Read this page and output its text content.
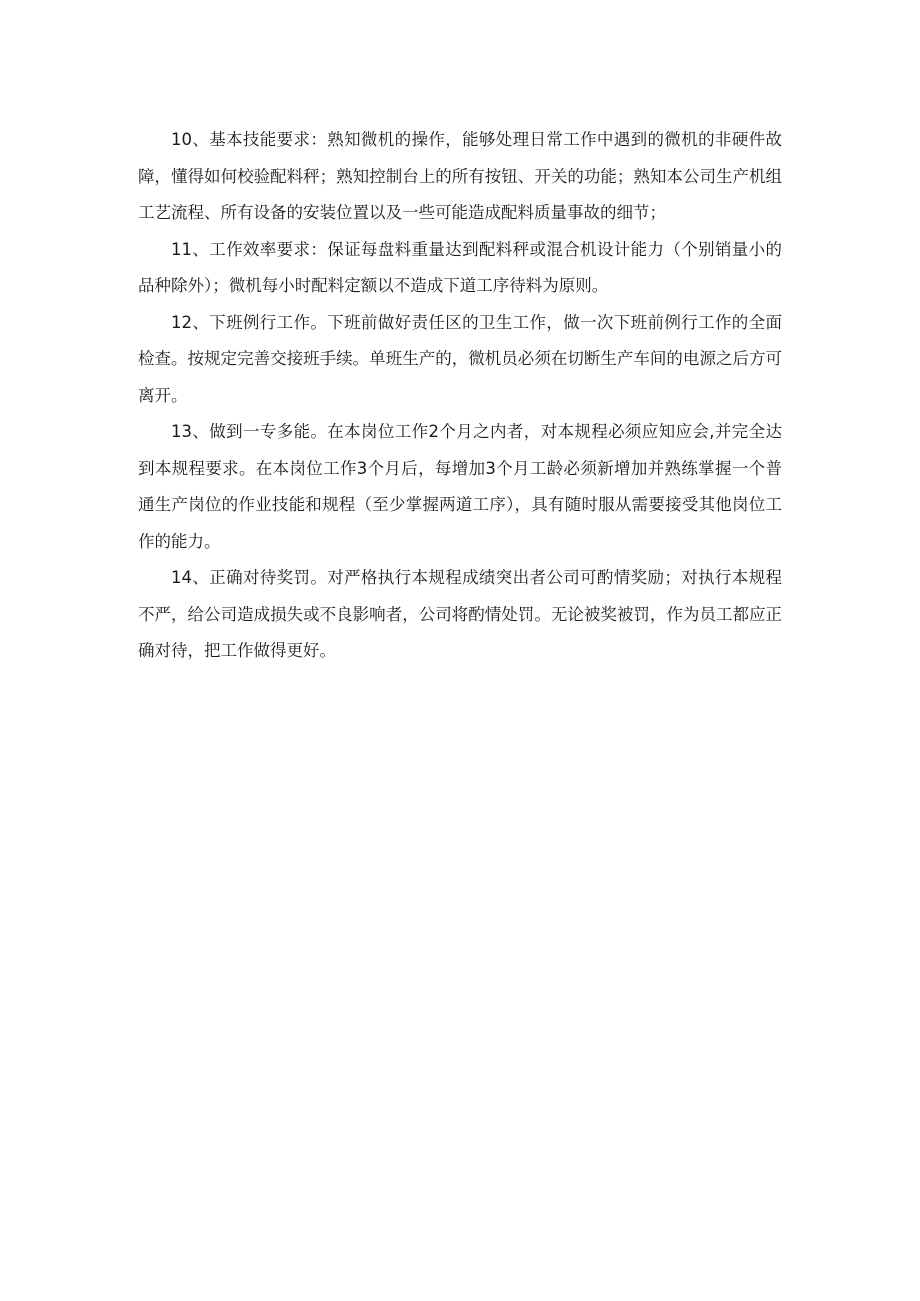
10、基本技能要求：熟知微机的操作，能够处理日常工作中遇到的微机的非硬件故障，懂得如何校验配料秤；熟知控制台上的所有按钮、开关的功能；熟知本公司生产机组工艺流程、所有设备的安装位置以及一些可能造成配料质量事故的细节；

11、工作效率要求：保证每盘料重量达到配料秤或混合机设计能力（个别销量小的品种除外）；微机每小时配料定额以不造成下道工序待料为原则。

12、下班例行工作。下班前做好责任区的卫生工作，做一次下班前例行工作的全面检查。按规定完善交接班手续。单班生产的，微机员必须在切断生产车间的电源之后方可离开。

13、做到一专多能。在本岗位工作2个月之内者，对本规程必须应知应会,并完全达到本规程要求。在本岗位工作3个月后，每增加3个月工龄必须新增加并熟练掌握一个普通生产岗位的作业技能和规程（至少掌握两道工序），具有随时服从需要接受其他岗位工作的能力。

14、正确对待奖罚。对严格执行本规程成绩突出者公司可酌情奖励；对执行本规程不严，给公司造成损失或不良影响者，公司将酌情处罚。无论被奖被罚，作为员工都应正确对待，把工作做得更好。
